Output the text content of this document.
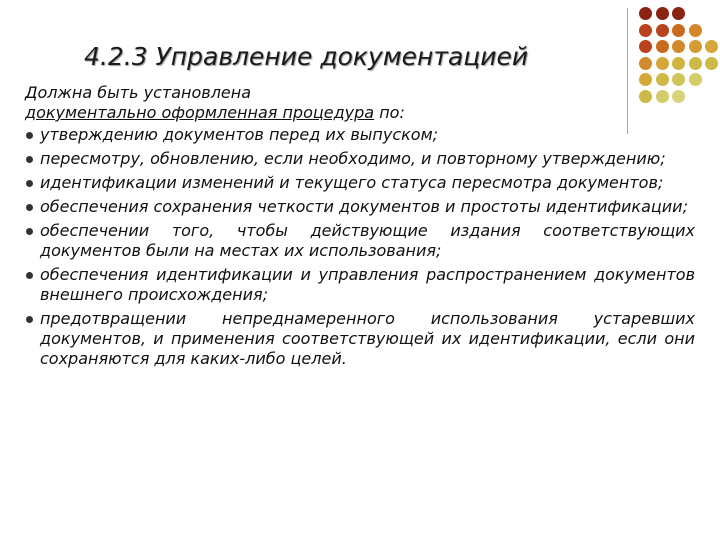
4.2.3 Управление документацией

Должна быть установлена
документально оформленная процедура по:

утверждению документов перед их выпуском;
пересмотру, обновлению, если необходимо, и повторному утверждению;
идентификации изменений и текущего статуса пересмотра документов;
обеспечения сохранения четкости документов и простоты идентификации;
обеспечении того, чтобы действующие издания соответствующих документов были на местах их использования;
обеспечения идентификации и управления распространением документов внешнего происхождения;
предотвращении непреднамеренного использования устаревших документов, и применения соответствующей их идентификации, если они сохраняются для каких-либо целей.
